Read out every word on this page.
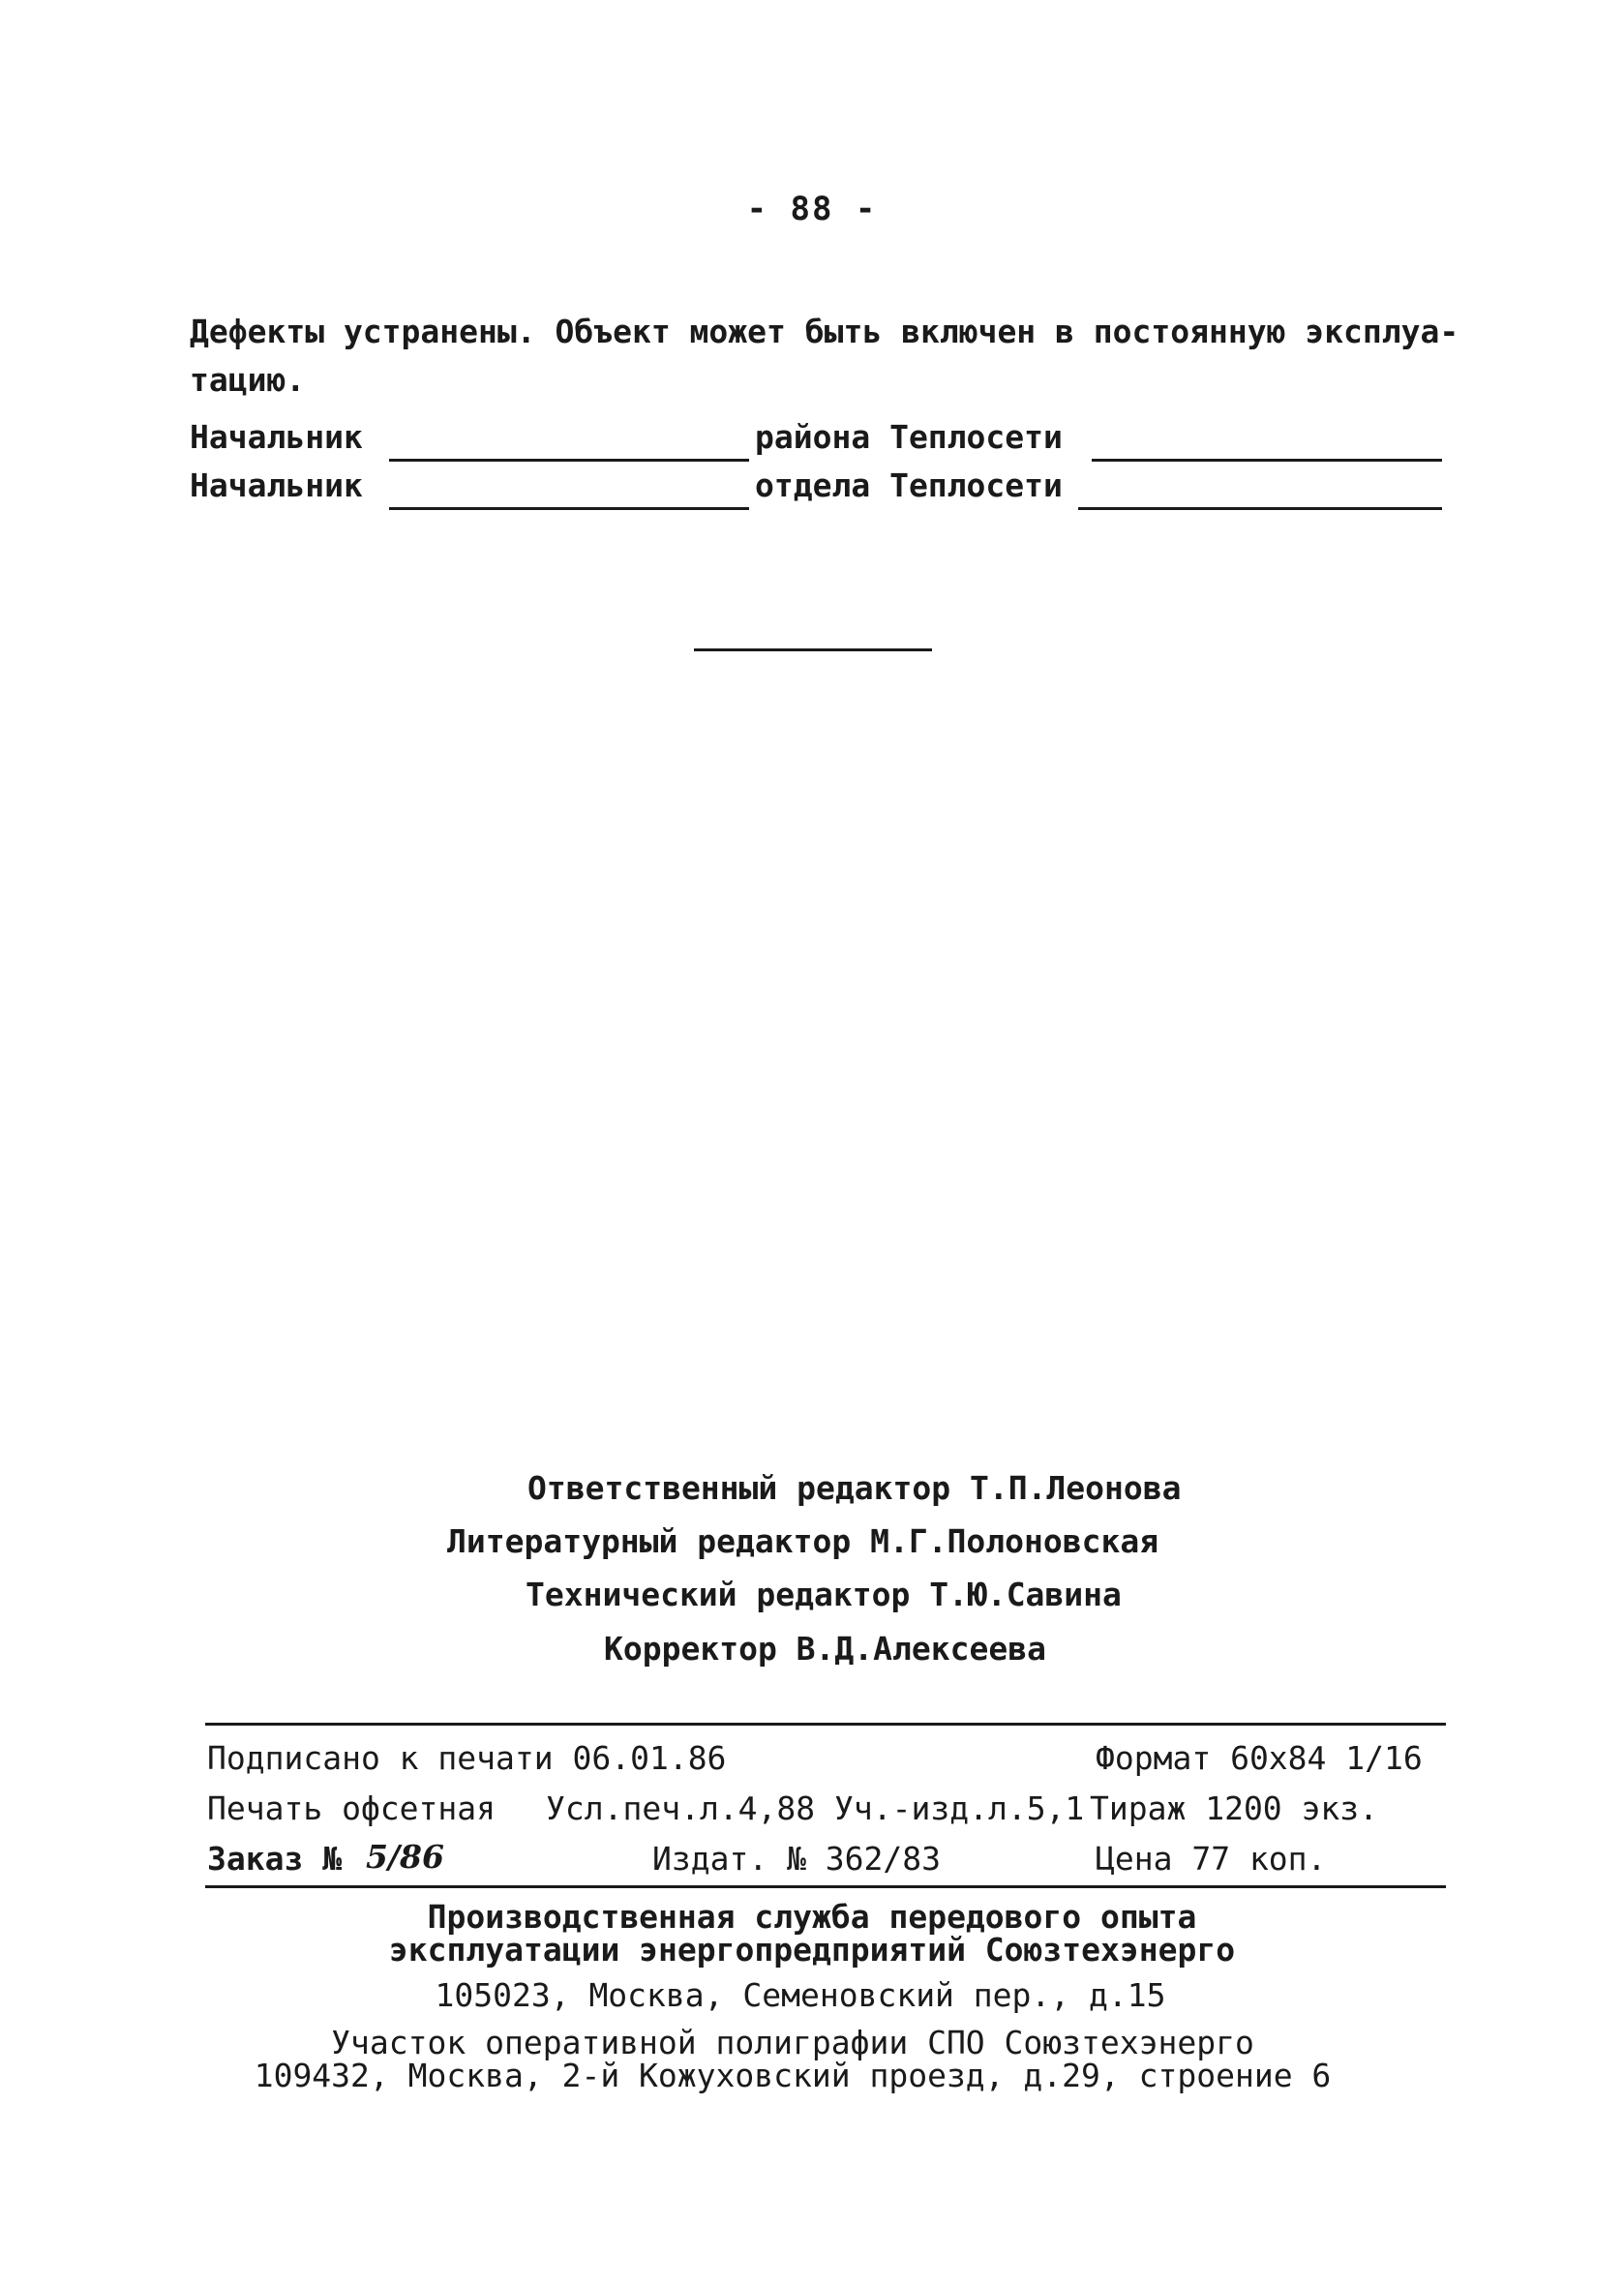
- 88 -
Дефекты устранены. Объект может быть включен в постоянную эксплуа-тацию.
Начальник	района Теплосети
Начальник	отдела Теплосети
Ответственный редактор Т.П.Леонова
Литературный редактор М.Г.Полоновская
Технический редактор Т.Ю.Савина
Корректор В.Д.Алексеева
Подписано к печати 06.01.86	Формат 60х84 1/16
Печать офсетная Усл.печ.л.4,88 Уч.-изд.л.5,1 Тираж 1200 экз.
Заказ № 5/86	Издат. № 362/83	Цена 77 коп.
Производственная служба передового опыта
эксплуатации энергопредприятий Союзтехэнерго
105023, Москва, Семеновский пер., д.15
Участок оперативной полиграфии СПО Союзтехэнерго
109432, Москва, 2-й Кожуховский проезд, д.29, строение 6
